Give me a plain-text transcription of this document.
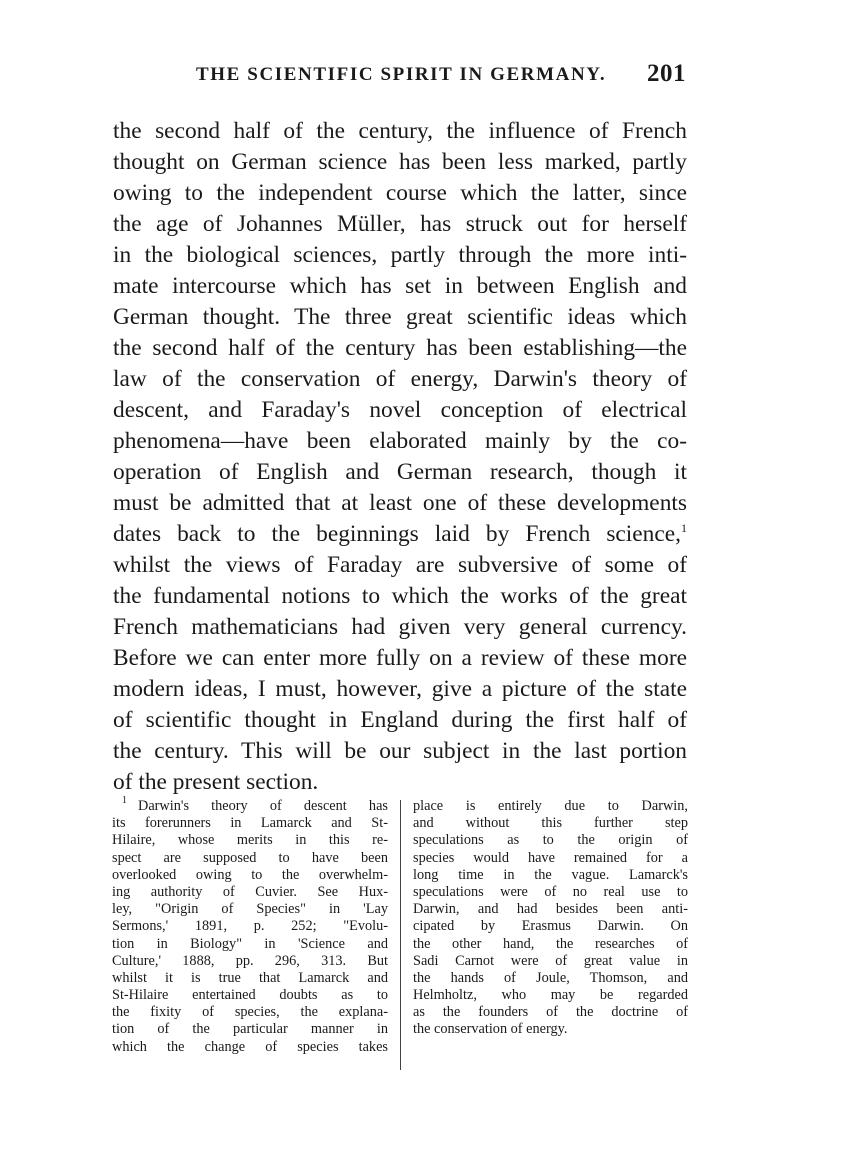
THE SCIENTIFIC SPIRIT IN GERMANY. 201
the second half of the century, the influence of French
thought on German science has been less marked, partly
owing to the independent course which the latter, since
the age of Johannes Müller, has struck out for herself
in the biological sciences, partly through the more inti-
mate intercourse which has set in between English and
German thought. The three great scientific ideas which
the second half of the century has been establishing—the
law of the conservation of energy, Darwin's theory of
descent, and Faraday's novel conception of electrical
phenomena—have been elaborated mainly by the co-
operation of English and German research, though it
must be admitted that at least one of these developments
dates back to the beginnings laid by French science,$^1$
whilst the views of Faraday are subversive of some of
the fundamental notions to which the works of the great
French mathematicians had given very general currency.
Before we can enter more fully on a review of these more
modern ideas, I must, however, give a picture of the state
of scientific thought in England during the first half of
the century. This will be our subject in the last portion
of the present section.
1 Darwin's theory of descent has
its forerunners in Lamarck and St-
Hilaire, whose merits in this re-
spect are supposed to have been
overlooked owing to the overwhelm-
ing authority of Cuvier. See Hux-
ley, "Origin of Species" in 'Lay
Sermons,' 1891, p. 252; "Evolu-
tion in Biology" in 'Science and
Culture,' 1888, pp. 296, 313. But
whilst it is true that Lamarck and
St-Hilaire entertained doubts as to
the fixity of species, the explana-
tion of the particular manner in
which the change of species takes
place is entirely due to Darwin,
and without this further step
speculations as to the origin of
species would have remained for a
long time in the vague. Lamarck's
speculations were of no real use to
Darwin, and had besides been anti-
cipated by Erasmus Darwin. On
the other hand, the researches of
Sadi Carnot were of great value in
the hands of Joule, Thomson, and
Helmholtz, who may be regarded
as the founders of the doctrine of
the conservation of energy.
